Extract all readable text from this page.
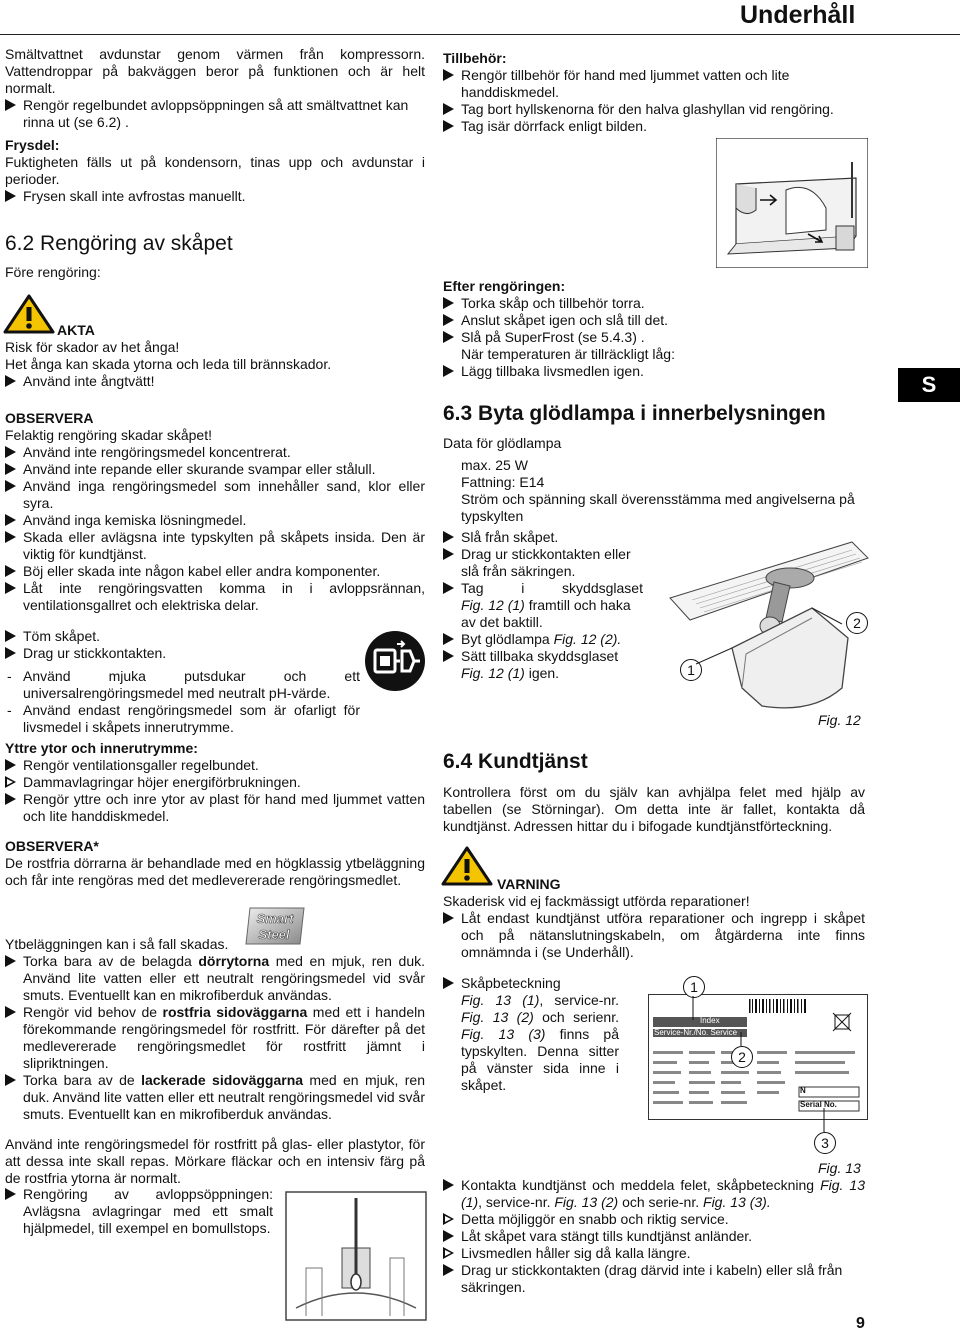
Underhåll

Smältvattnet avdunstar genom värmen från kompressorn. Vattendroppar på bakväggen beror på funktionen och är helt normalt.

Rengör regelbundet avloppsöppningen så att smältvattnet kan rinna ut (se 6.2) .

Frysdel:

Fuktigheten fälls ut på kondensorn, tinas upp och avdunstar i perioder.

Frysen skall inte avfrostas manuellt.
6.2 Rengöring av skåpet
Före rengöring:
AKTA

Risk för skador av het ånga!

Het ånga kan skada ytorna och leda till brännskador.

Använd inte ångtvätt!

OBSERVERA

Felaktig rengöring skadar skåpet!

Använd inte rengöringsmedel koncentrerat.
Använd inte repande eller skurande svampar eller stålull.
Använd inga rengöringsmedel som innehåller sand, klor eller syra.
Använd inga kemiska lösningmedel.
Skada eller avlägsna inte typskylten på skåpets insida. Den är viktig för kundtjänst.
Böj eller skada inte någon kabel eller andra komponenter.
Låt inte rengöringsvatten komma in i avloppsrännan, ventilationsgallret och elektriska delar.
Töm skåpet.
Drag ur stickkontakten.
- Använd mjuka putsdukar och ett universalrengöringsmedel med neutralt pH-värde.
- Använd endast rengöringsmedel som är ofarligt för livsmedel i skåpets innerutrymme.

Yttre ytor och innerutrymme:

Rengör ventilationsgaller regelbundet.
Dammavlagringar höjer energiförbrukningen.
Rengör yttre och inre ytor av plast för hand med ljummet vatten och lite handdiskmedel.

OBSERVERA*

De rostfria dörrarna är behandlade med en högklassig ytbeläggning och får inte rengöras med det medlevererade rengöringsmedlet.

Smart
Steel

Ytbeläggningen kan i så fall skadas.

Torka bara av de belagda dörrytorna med en mjuk, ren duk. Använd lite vatten eller ett neutralt rengöringsmedel vid svår smuts. Eventuellt kan en mikrofiberduk användas.
Rengör vid behov de rostfria sidoväggarna med ett i handeln förekommande rengöringsmedel för rostfritt. För därefter på det medlevererade rengöringsmedlet för rostfritt jämnt i slipriktningen.
Torka bara av de lackerade sidoväggarna med en mjuk, ren duk. Använd lite vatten eller ett neutralt rengöringsmedel vid svår smuts. Eventuellt kan en mikrofiberduk användas.
Använd inte rengöringsmedel för rostfritt på glas- eller plastytor, för att dessa inte skall repas. Mörkare fläckar och en intensiv färg på de rostfria ytorna är normalt.
Rengöring av avloppsöppningen: Avlägsna avlagringar med ett smalt hjälpmedel, till exempel en bomullstops.

Tillbehör:

Rengör tillbehör för hand med ljummet vatten och lite handdiskmedel.
Tag bort hyllskenorna för den halva glashyllan vid rengöring.
Tag isär dörrfack enligt bilden.

Efter rengöringen:

Torka skåp och tillbehör torra.
Anslut skåpet igen och slå till det.
Slå på SuperFrost (se 5.4.3) .

När temperaturen är tillräckligt låg:

Lägg tillbaka livsmedlen igen.
S
6.3 Byta glödlampa i innerbelysningen
Data för glödlampa

max. 25 W

Fattning: E14

Ström och spänning skall överensstämma med angivelserna på typskylten

Slå från skåpet.
Drag ur stickkontakten eller slå från säkringen.
Tag i skyddsglaset
Fig. 12 (1) framtill och haka av det baktill.
Byt glödlampa Fig. 12 (2).
Sätt tillbaka skyddsglaset
Fig. 12 (1) igen.	1
2
Fig. 12
6.4 Kundtjänst
Kontrollera först om du själv kan avhjälpa felet med hjälp av tabellen (se Störningar). Om detta inte är fallet, kontakta då kundtjänst. Adressen hittar du i bifogade kundtjänstförteckning.
VARNING

Skaderisk vid ej fackmässigt utförda reparationer!

Låt endast kundtjänst utföra reparationer och ingrepp i skåpet och på nätanslutningskabeln, om åtgärderna inte finns omnämnda i (se Underhåll).
Skåpbeteckning
Fig. 13 (1), service-nr. Fig. 13 (2) och serienr. Fig. 13 (3) finns på typskylten. Denna sitter på vänster sida inne i skåpet.
Index
Service-Nr./No. Service
N
Serial No.
1
2
3
Fig. 13
Kontakta kundtjänst och meddela felet, skåpbeteckning Fig. 13 (1), service-nr. Fig. 13 (2) och serie-nr. Fig. 13 (3).
Detta möjliggör en snabb och riktig service.
Låt skåpet vara stängt tills kundtjänst anländer.
Livsmedlen håller sig då kalla längre.
Drag ur stickkontakten (drag därvid inte i kabeln) eller slå från säkringen.
9
